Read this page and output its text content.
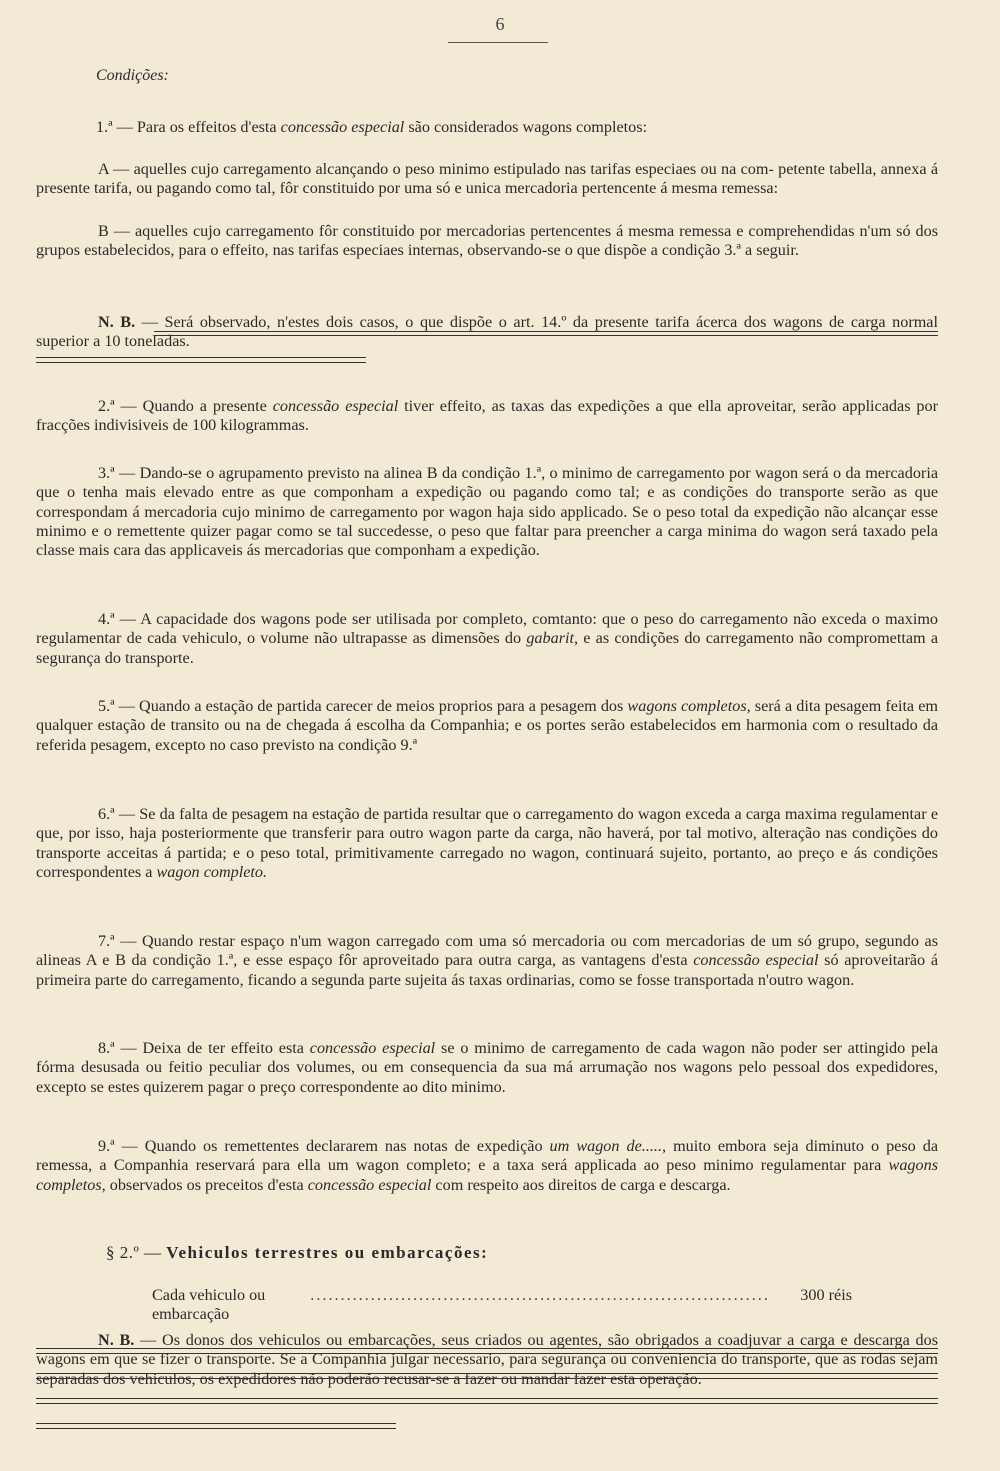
6
Condições:
1.ª — Para os effeitos d'esta concessão especial são considerados wagons completos:
A — aquelles cujo carregamento alcançando o peso minimo estipulado nas tarifas especiaes ou na com- petente tabella, annexa á presente tarifa, ou pagando como tal, fôr constituido por uma só e unica mercadoria pertencente á mesma remessa:
B — aquelles cujo carregamento fôr constituido por mercadorias pertencentes á mesma remessa e comprehendidas n'um só dos grupos estabelecidos, para o effeito, nas tarifas especiaes internas, observando-se o que dispõe a condição 3.ª a seguir.
N. B. — Será observado, n'estes dois casos, o que dispõe o art. 14.º da presente tarifa ácerca dos wagons de carga normal superior a 10 toneladas.
2.ª — Quando a presente concessão especial tiver effeito, as taxas das expedições a que ella aproveitar, serão applicadas por fracções indivisiveis de 100 kilogrammas.
3.ª — Dando-se o agrupamento previsto na alinea B da condição 1.ª, o minimo de carregamento por wagon será o da mercadoria que o tenha mais elevado entre as que componham a expedição ou pagando como tal; e as condições do transporte serão as que correspondam á mercadoria cujo minimo de carregamento por wagon haja sido applicado. Se o peso total da expedição não alcançar esse minimo e o remettente quizer pagar como se tal succedesse, o peso que faltar para preencher a carga minima do wagon será taxado pela classe mais cara das applicaveis ás mercadorias que componham a expedição.
4.ª — A capacidade dos wagons pode ser utilisada por completo, comtanto: que o peso do carregamento não exceda o maximo regulamentar de cada vehiculo, o volume não ultrapasse as dimensões do gabarit, e as condições do carregamento não compromettam a segurança do transporte.
5.ª — Quando a estação de partida carecer de meios proprios para a pesagem dos wagons completos, será a dita pesagem feita em qualquer estação de transito ou na de chegada á escolha da Companhia; e os portes serão estabelecidos em harmonia com o resultado da referida pesagem, excepto no caso previsto na condição 9.ª
6.ª — Se da falta de pesagem na estação de partida resultar que o carregamento do wagon exceda a carga maxima regulamentar e que, por isso, haja posteriormente que transferir para outro wagon parte da carga, não haverá, por tal motivo, alteração nas condições do transporte acceitas á partida; e o peso total, primitivamente carregado no wagon, continuará sujeito, portanto, ao preço e ás condições correspondentes a wagon completo.
7.ª — Quando restar espaço n'um wagon carregado com uma só mercadoria ou com mercadorias de um só grupo, segundo as alineas A e B da condição 1.ª, e esse espaço fôr aproveitado para outra carga, as vantagens d'esta concessão especial só aproveitarão á primeira parte do carregamento, ficando a segunda parte sujeita ás taxas ordinarias, como se fosse transportada n'outro wagon.
8.ª — Deixa de ter effeito esta concessão especial se o minimo de carregamento de cada wagon não poder ser attingido pela fórma desusada ou feitio peculiar dos volumes, ou em consequencia da sua má arrumação nos wagons pelo pessoal dos expedidores, excepto se estes quizerem pagar o preço correspondente ao dito minimo.
9.ª — Quando os remettentes declararem nas notas de expedição um wagon de....., muito embora seja diminuto o peso da remessa, a Companhia reservará para ella um wagon completo; e a taxa será applicada ao peso minimo regulamentar para wagons completos, observados os preceitos d'esta concessão especial com respeito aos direitos de carga e descarga.
§ 2.º — Vehiculos terrestres ou embarcações:
Cada vehiculo ou embarcação
............................................................................	300 réis
N. B. — Os donos dos vehiculos ou embarcações, seus criados ou agentes, são obrigados a coadjuvar a carga e descarga dos wagons em que se fizer o transporte. Se a Companhia julgar necessario, para segurança ou conveniencia do transporte, que as rodas sejam separadas dos vehiculos, os expedidores não poderão recusar-se a fazer ou mandar fazer esta operação.
